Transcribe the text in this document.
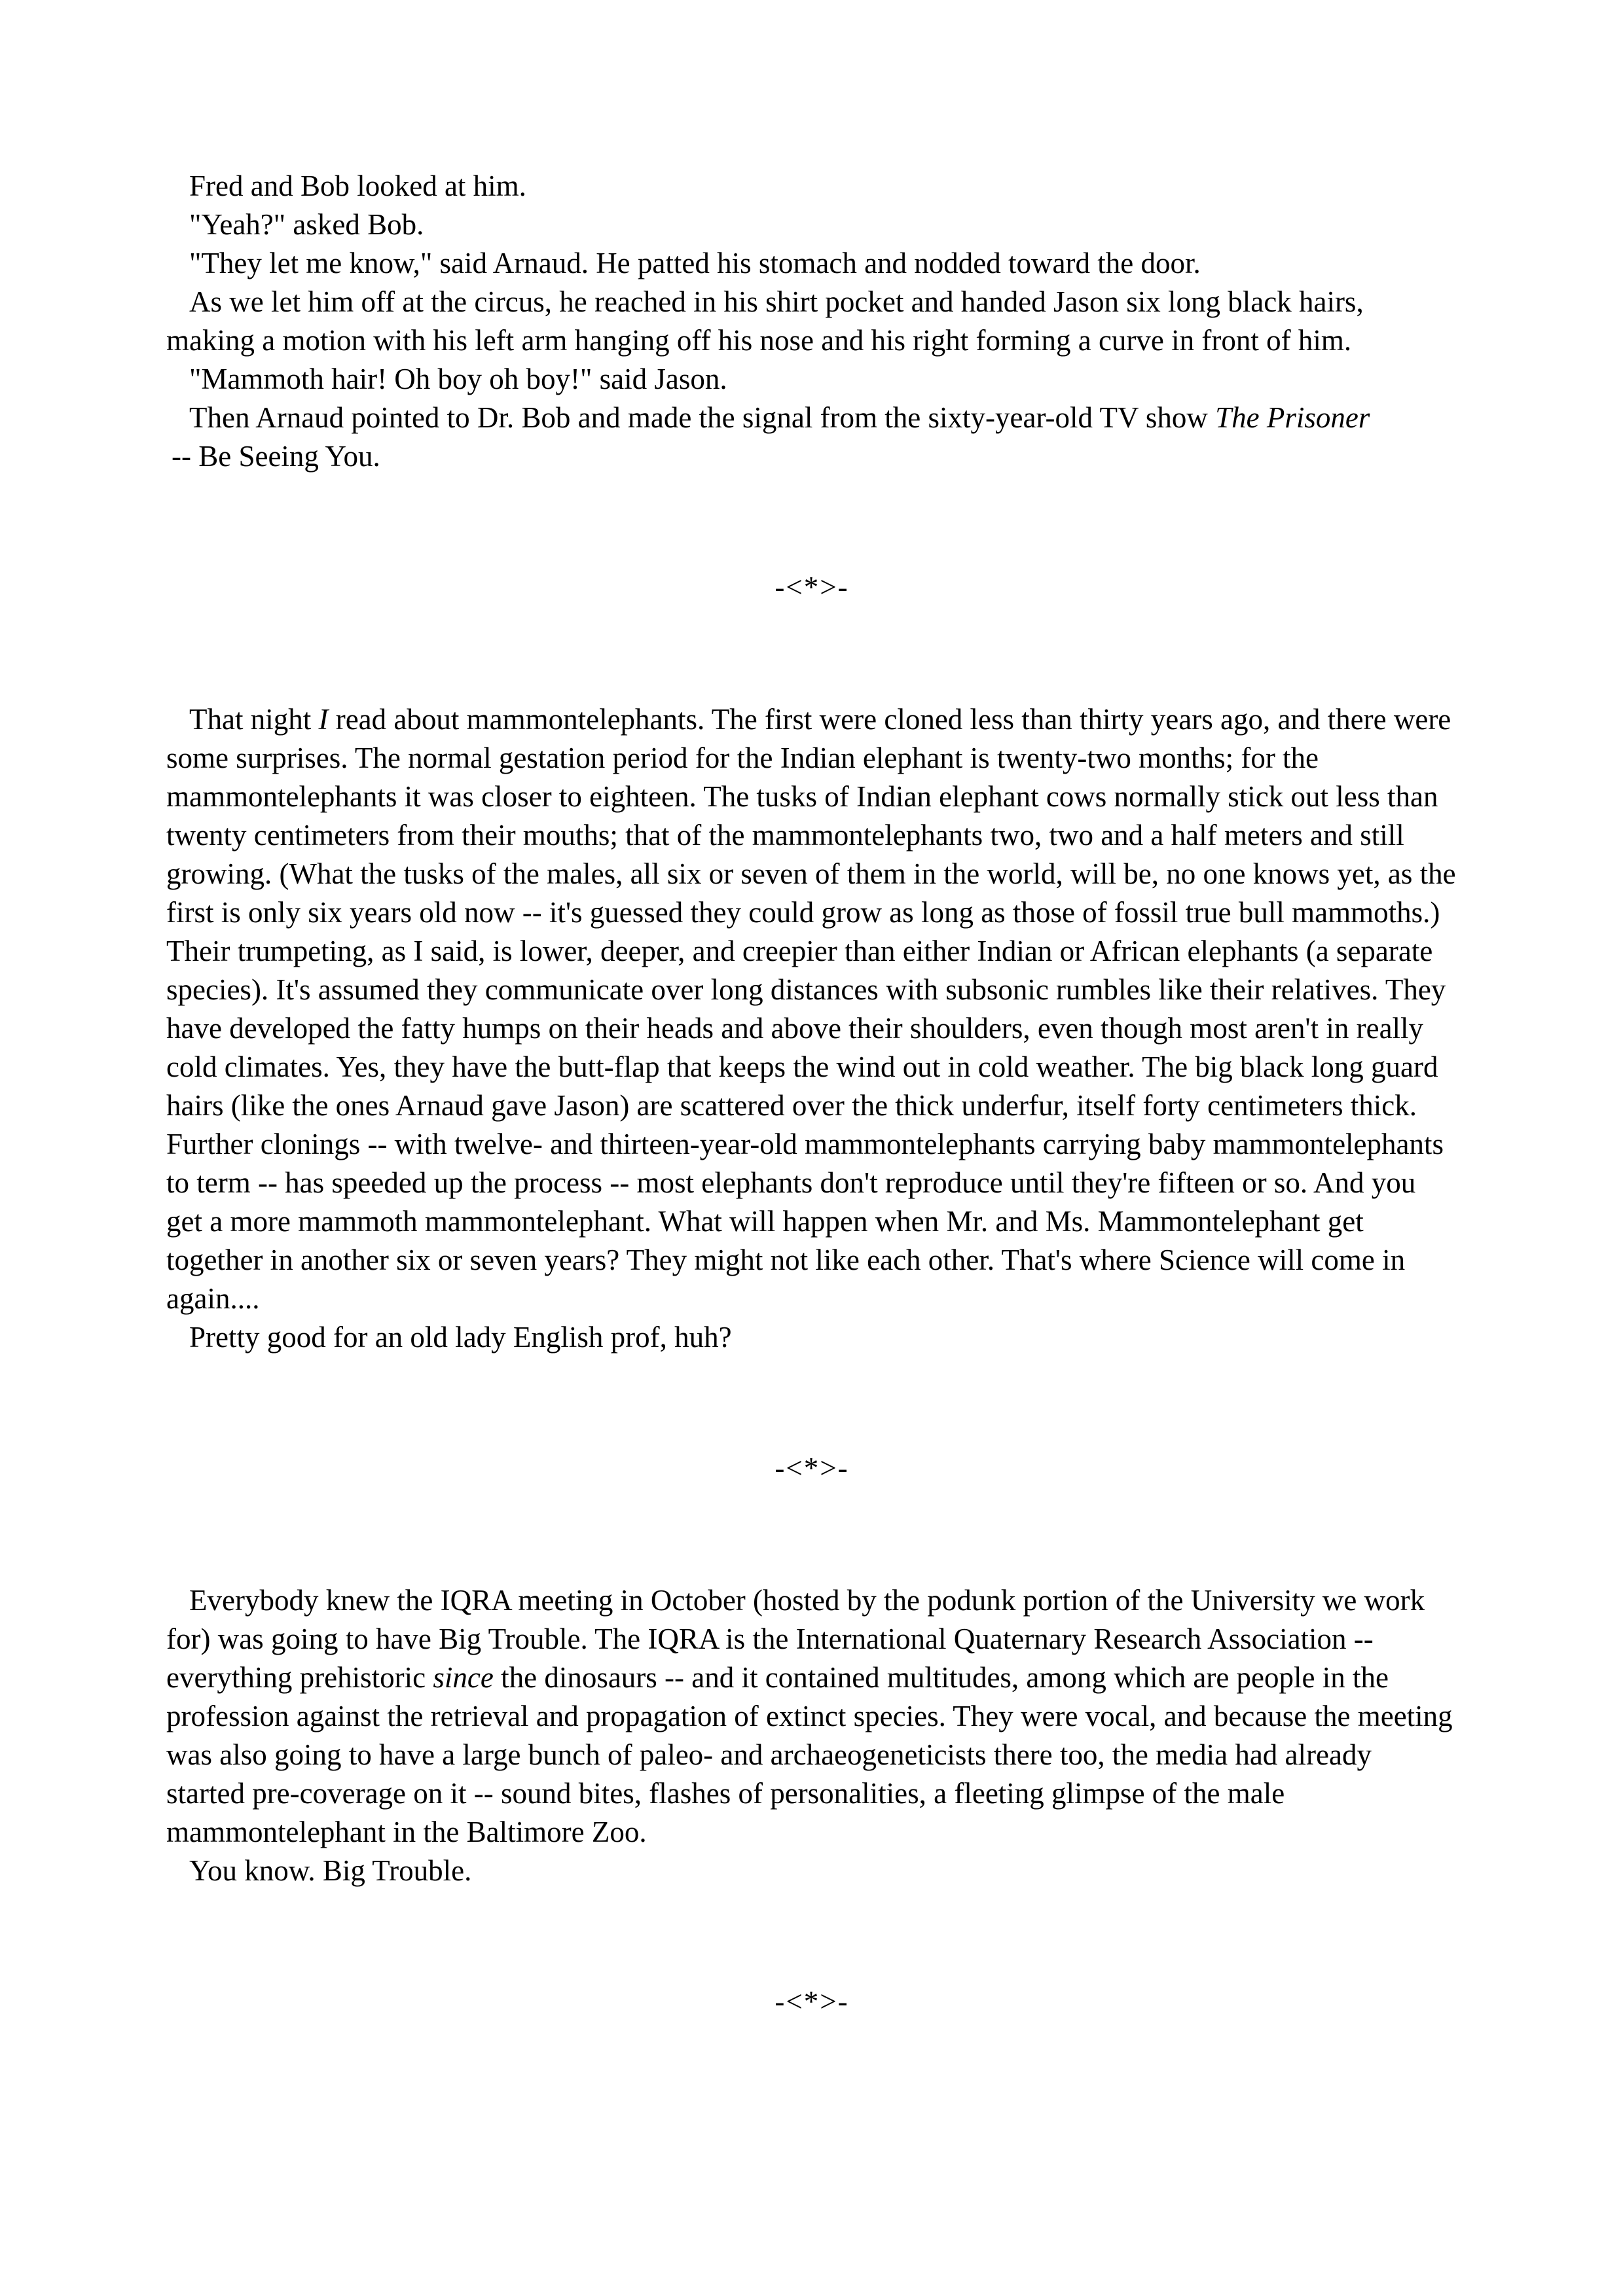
Fred and Bob looked at him.

"Yeah?" asked Bob.

"They let me know," said Arnaud. He patted his stomach and nodded toward the door.

As we let him off at the circus, he reached in his shirt pocket and handed Jason six long black hairs, making a motion with his left arm hanging off his nose and his right forming a curve in front of him.

"Mammoth hair! Oh boy oh boy!" said Jason.

Then Arnaud pointed to Dr. Bob and made the signal from the sixty-year-old TV show The Prisoner

-- Be Seeing You.

-<*>-

That night I read about mammontelephants. The first were cloned less than thirty years ago, and there were some surprises. The normal gestation period for the Indian elephant is twenty-two months; for the mammontelephants it was closer to eighteen. The tusks of Indian elephant cows normally stick out less than twenty centimeters from their mouths; that of the mammontelephants two, two and a half meters and still growing. (What the tusks of the males, all six or seven of them in the world, will be, no one knows yet, as the first is only six years old now -- it's guessed they could grow as long as those of fossil true bull mammoths.) Their trumpeting, as I said, is lower, deeper, and creepier than either Indian or African elephants (a separate species). It's assumed they communicate over long distances with subsonic rumbles like their relatives. They have developed the fatty humps on their heads and above their shoulders, even though most aren't in really cold climates. Yes, they have the butt-flap that keeps the wind out in cold weather. The big black long guard hairs (like the ones Arnaud gave Jason) are scattered over the thick underfur, itself forty centimeters thick. Further clonings -- with twelve- and thirteen-year-old mammontelephants carrying baby mammontelephants to term -- has speeded up the process -- most elephants don't reproduce until they're fifteen or so. And you get a more mammoth mammontelephant. What will happen when Mr. and Ms. Mammontelephant get together in another six or seven years? They might not like each other. That's where Science will come in again....

Pretty good for an old lady English prof, huh?

-<*>-

Everybody knew the IQRA meeting in October (hosted by the podunk portion of the University we work for) was going to have Big Trouble. The IQRA is the International Quaternary Research Association -- everything prehistoric since the dinosaurs -- and it contained multitudes, among which are people in the profession against the retrieval and propagation of extinct species. They were vocal, and because the meeting was also going to have a large bunch of paleo- and archaeogeneticists there too, the media had already started pre-coverage on it -- sound bites, flashes of personalities, a fleeting glimpse of the male mammontelephant in the Baltimore Zoo.

You know. Big Trouble.

-<*>-
